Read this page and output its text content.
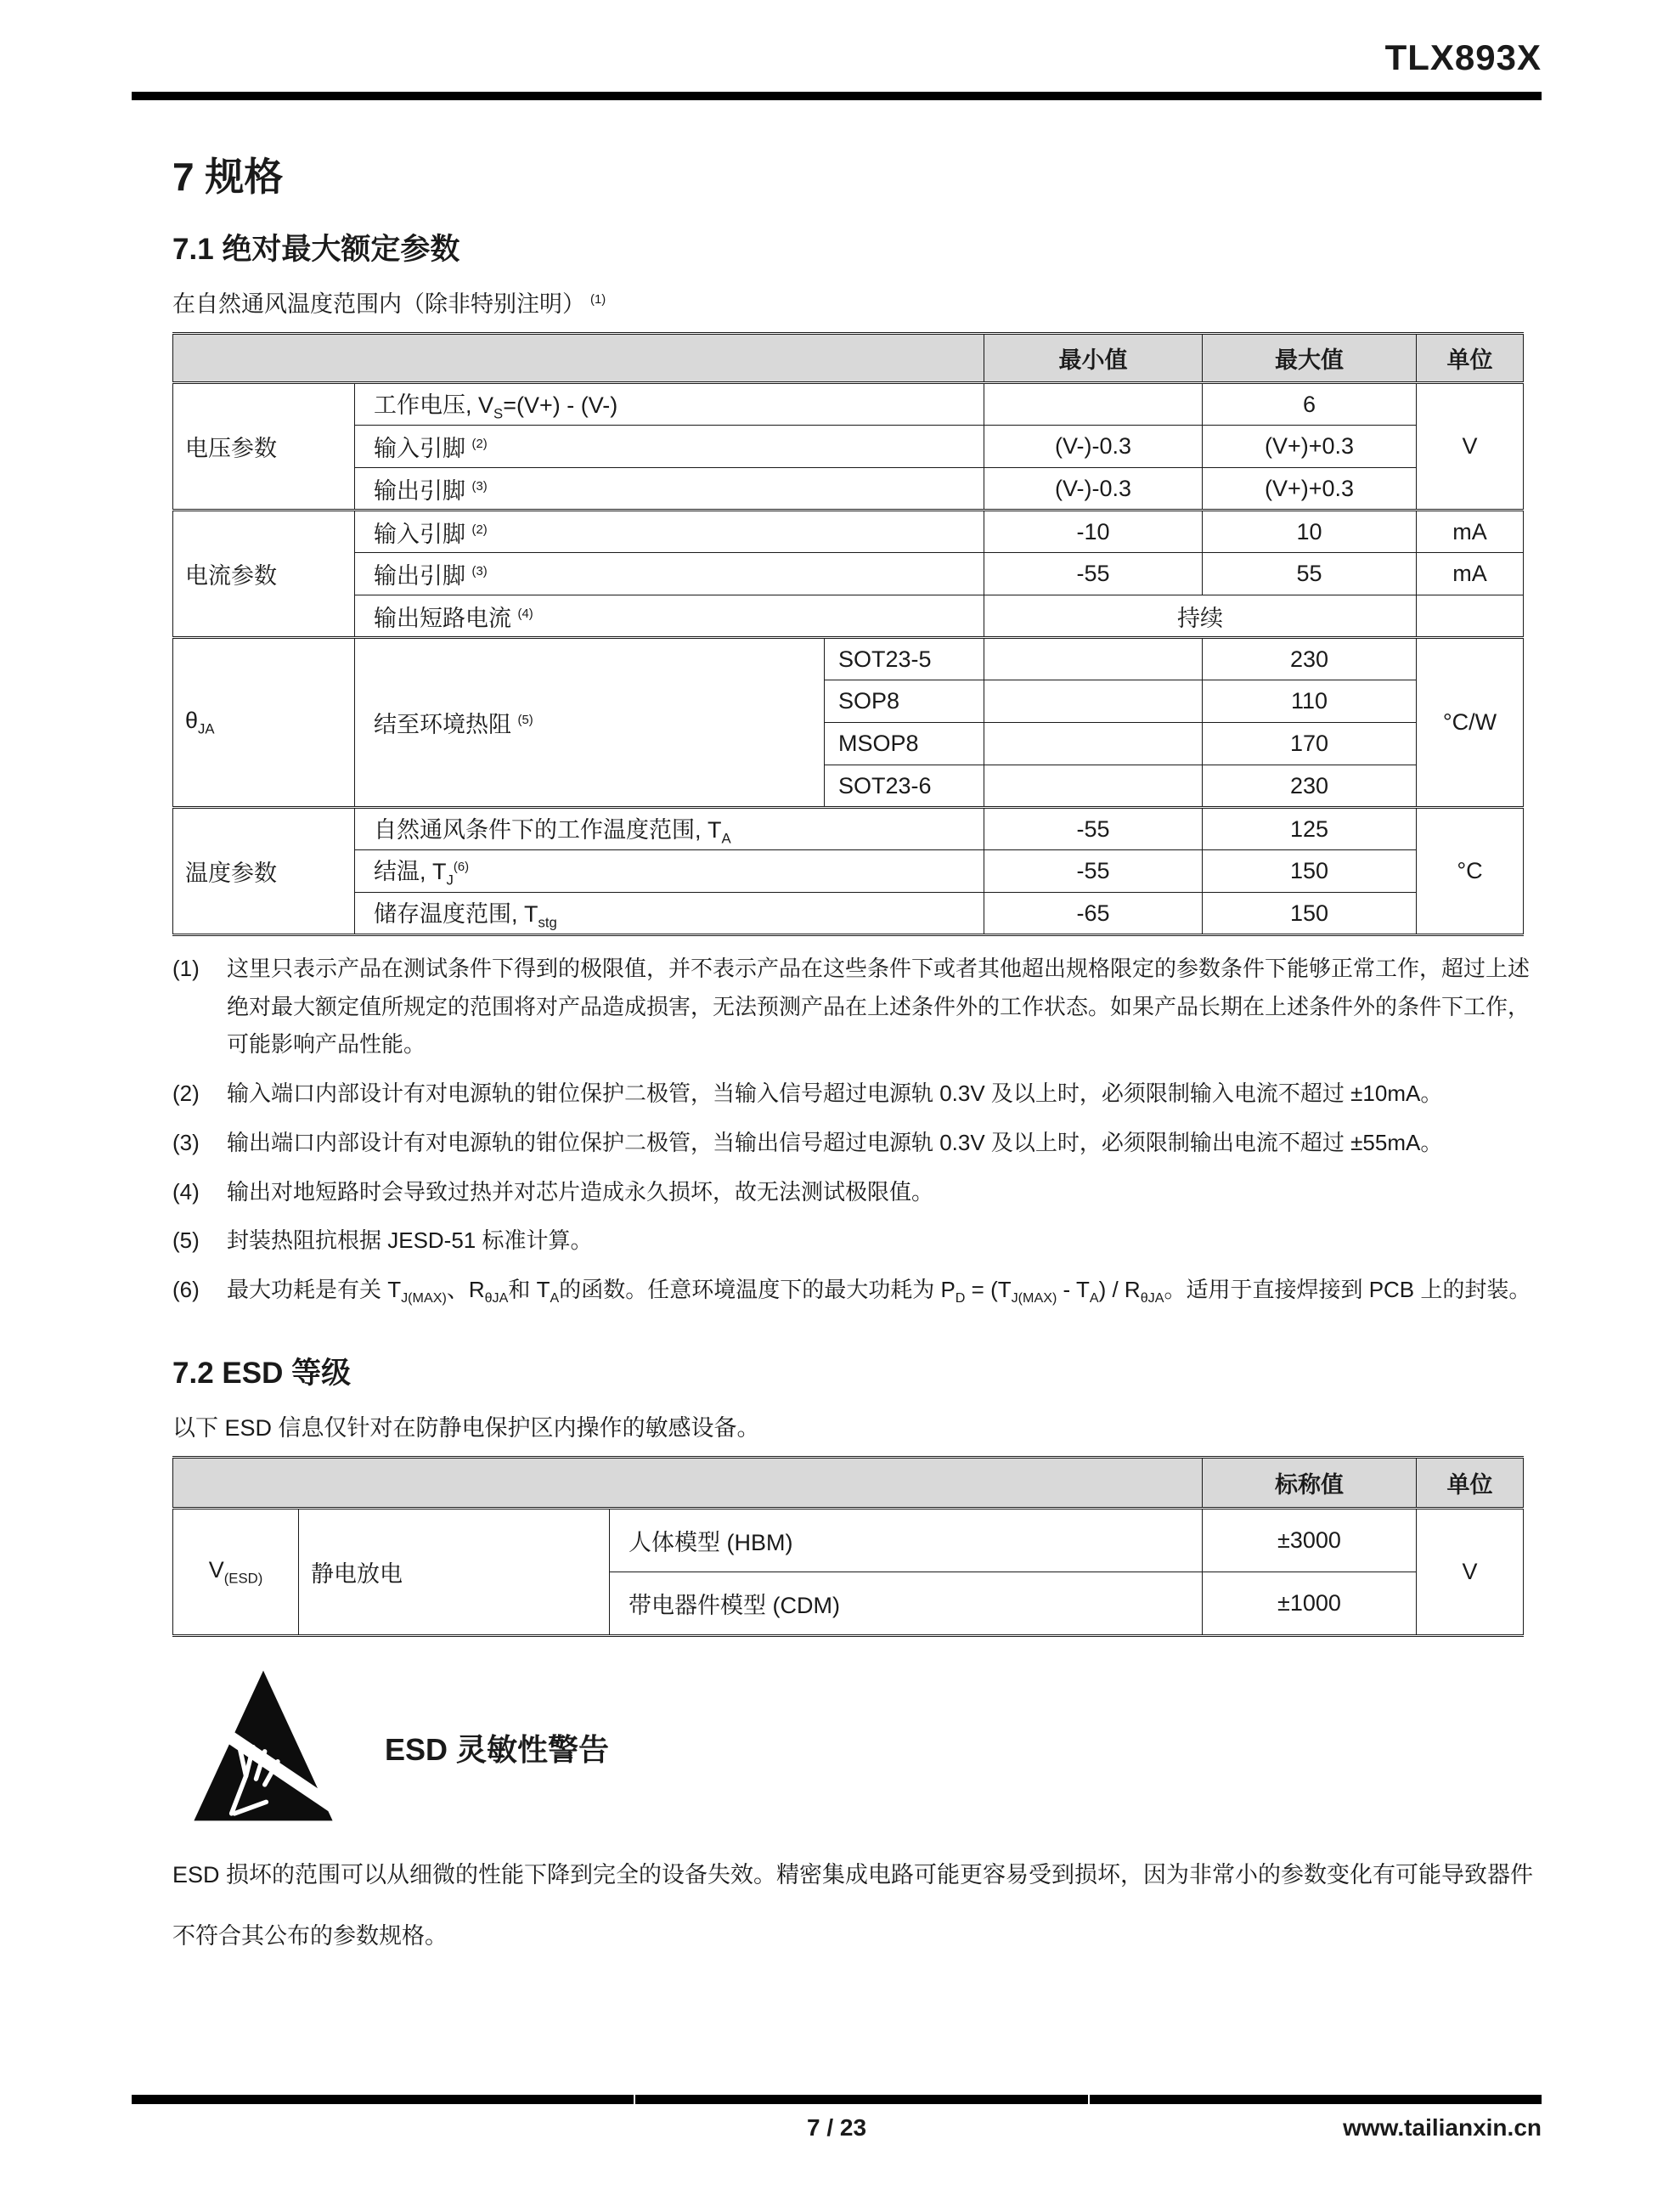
TLX893X
7 规格
7.1 绝对最大额定参数
在自然通风温度范围内（除非特别注明） $^{(1)}$
			最小值	最大值	单位
电压参数	工作电压, $V_S=(V+) - (V-)$			6	V
	输入引脚 $^{(2)}$		(V-)-0.3	(V+)+0.3	
	输出引脚 $^{(3)}$		(V-)-0.3	(V+)+0.3	
电流参数	输入引脚 $^{(2)}$		-10	10	mA
	输出引脚 $^{(3)}$		-55	55	mA
	输出短路电流 $^{(4)}$		持续		
$\theta_{JA}$	结至环境热阻 $^{(5)}$	SOT23-5		230	°C/W
		SOP8		110	
		MSOP8		170	
		SOT23-6		230	
温度参数	自然通风条件下的工作温度范围, $T_A$		-55	125	°C
	结温, $T_J^{(6)}$		-55	150	
	储存温度范围, $T_{stg}$		-65	150	
(1)	这里只表示产品在测试条件下得到的极限值，并不表示产品在这些条件下或者其他超出规格限定的参数条件下能够正常工作，超过上述绝对最大额定值所规定的范围将对产品造成损害，无法预测产品在上述条件外的工作状态。如果产品长期在上述条件外的条件下工作，可能影响产品性能。
(2)	输入端口内部设计有对电源轨的钳位保护二极管，当输入信号超过电源轨 0.3V 及以上时，必须限制输入电流不超过 ±10mA。
(3)	输出端口内部设计有对电源轨的钳位保护二极管，当输出信号超过电源轨 0.3V 及以上时，必须限制输出电流不超过 ±55mA。
(4)	输出对地短路时会导致过热并对芯片造成永久损坏，故无法测试极限值。
(5)	封装热阻抗根据 JESD-51 标准计算。
(6)	最大功耗是有关 $T_{J(MAX)}$、$R_{\theta JA}$和 $T_A$的函数。任意环境温度下的最大功耗为 $P_D = (T_{J(MAX)} - T_A) / R_{\theta JA}$。适用于直接焊接到 PCB 上的封装。
7.2 ESD 等级
以下 ESD 信息仅针对在防静电保护区内操作的敏感设备。
			标称值	单位
$V_{(ESD)}$	静电放电	人体模型 (HBM)	±3000	V
		带电器件模型 (CDM)	±1000	
ESD 灵敏性警告
ESD 损坏的范围可以从细微的性能下降到完全的设备失效。精密集成电路可能更容易受到损坏，因为非常小的参数变化有可能导致器件不符合其公布的参数规格。
7 / 23	www.tailianxin.cn
